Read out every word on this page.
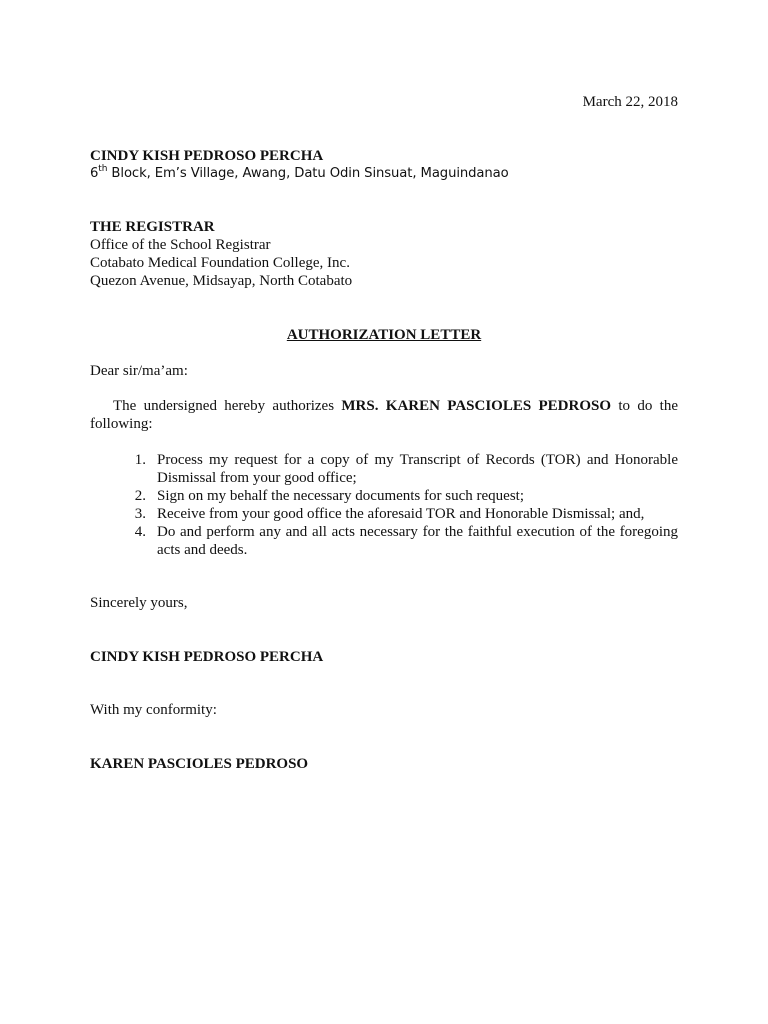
March 22, 2018
CINDY KISH PEDROSO PERCHA
6th Block, Em’s Village, Awang, Datu Odin Sinsuat, Maguindanao
THE REGISTRAR
Office of the School Registrar
Cotabato Medical Foundation College, Inc.
Quezon Avenue, Midsayap, North Cotabato
AUTHORIZATION LETTER
Dear sir/ma’am:
The undersigned hereby authorizes MRS. KAREN PASCIOLES PEDROSO to do the following:
1. Process my request for a copy of my Transcript of Records (TOR) and Honorable Dismissal from your good office;
2. Sign on my behalf the necessary documents for such request;
3. Receive from your good office the aforesaid TOR and Honorable Dismissal; and,
4. Do and perform any and all acts necessary for the faithful execution of the foregoing acts and deeds.
Sincerely yours,
CINDY KISH PEDROSO PERCHA
With my conformity:
KAREN PASCIOLES PEDROSO
